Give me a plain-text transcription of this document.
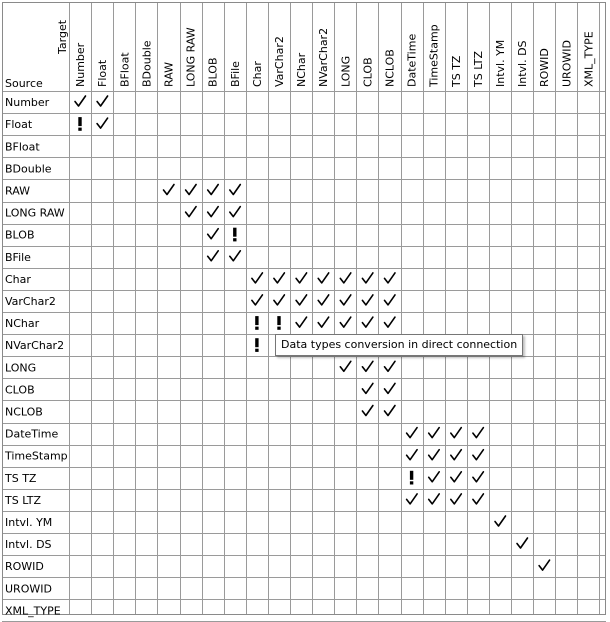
Target
Source	Number Float BFloat BDouble RAW LONG RAW BLOB BFile Char VarChar2 NChar NVarChar2 LONG CLOB NCLOB DateTime TimeStamp TS TZ TS LTZ Intvl. YM Intvl. DS ROWID UROWID XML_TYPE
Number
Float
BFloat
BDouble
RAW
LONG RAW
BLOB
BFile
Char
VarChar2
NChar
NVarChar2
LONG
CLOB
NCLOB
DateTime
TimeStamp
TS TZ
TS LTZ
Intvl. YM
Intvl. DS
ROWID
UROWID
XML_TYPE
Data types conversion in direct connection
